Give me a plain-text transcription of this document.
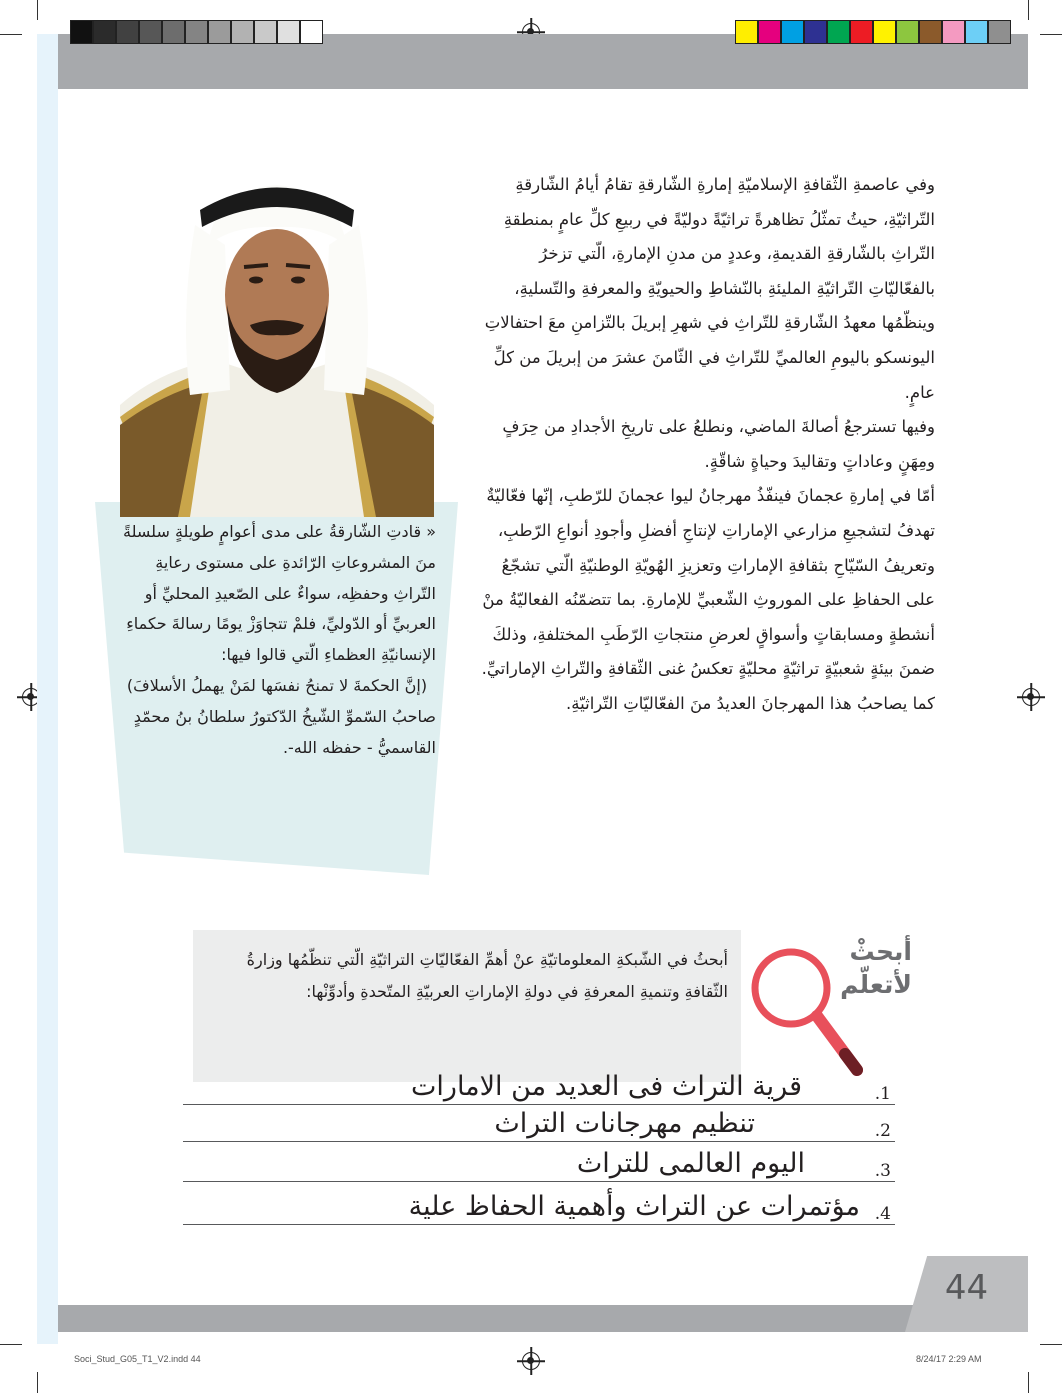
وفي عاصمةِ الثّقافةِ الإسلاميّةِ إمارةِ الشّارقةِ تقامُ أيامُ الشّارقةِ التّراثيّةِ، حيثُ تمثّلُ تظاهرةً تراثيّةً دوليّةً في ربيعِ كلِّ عامٍ بمنطقةِ التّراثِ بالشّارقةِ القديمةِ، وعددٍ من مدنِ الإمارةِ، الّتي تزخرُ بالفعّاليّاتِ التّراثيّةِ المليئةِ بالنّشاطِ والحيويّةِ والمعرفةِ والتّسليةِ، وينظّمُها معهدُ الشّارقةِ للتّراثِ في شهرِ إبريلَ بالتّزامنِ معَ احتفالاتِ اليونسكو باليومِ العالميِّ للتّراثِ في الثّامنَ عشرَ من إبريلَ من كلِّ عامٍ.

وفيها تسترجعُ أصالةَ الماضي، ونطلعُ على تاريخِ الأجدادِ من حِرَفٍ ومِهَنٍ وعاداتٍ وتقاليدَ وحياةٍ شاقّةٍ.

أمّا في إمارةِ عجمانَ فينفّذُ مهرجانُ ليوا عجمانَ للرّطبِ، إنّها فعّاليّةٌ تهدفُ لتشجيعِ مزارعي الإماراتِ لإنتاجِ أفضلِ وأجودِ أنواعِ الرّطبِ، وتعريفُ السّيّاحِ بثقافةِ الإماراتِ وتعزيزِ الهُويّةِ الوطنيّةِ الّتي تشجّعُ على الحفاظِ على الموروثِ الشّعبيِّ للإمارةِ. بما تتضمّنُه الفعاليّةُ منْ أنشطةٍ ومسابقاتٍ وأسواقٍ لعرضِ منتجاتِ الرّطَبِ المختلفةِ، وذلكَ ضمنَ بيئةٍ شعبيّةٍ تراثيّةٍ محليّةٍ تعكسُ غنى الثّقافةِ والتّراثِ الإماراتيِّ. كما يصاحبُ هذا المهرجانَ العديدُ منَ الفعّاليّاتِ التّراثيّةِ.

« قادتِ الشّارقةُ على مدى أعوامٍ طويلةٍ سلسلةً منَ المشروعاتِ الرّائدةِ على مستوى رعايةِ التّراثِ وحفظِه، سواءٌ على الصّعيدِ المحليِّ أو العربيِّ أو الدّوليِّ، فلمْ تتجاوَزْ يومًا رسالةَ حكماءِ الإنسانيّةِ العظماءِ الّتي قالوا فيها:

(إنَّ الحكمةَ لا تمنحُ نفسَها لمَنْ يهملُ الأسلافَ)

صاحبُ السّموِّ الشّيخُ الدّكتورُ سلطانُ بنُ محمّدٍ القاسميُّ - حفظه الله-.

أبحثُ في الشّبكةِ المعلوماتيّةِ عنْ أهمِّ الفعّاليّاتِ التراثيّةِ الّتي تنظّمُها وزارةُ الثّقافةِ وتنميةِ المعرفةِ في دولةِ الإماراتِ العربيّةِ المتّحدةِ وأدوِّنْها:
أبحثْ
لأتعلّم
.1
قرية التراث فى العديد من الامارات
.2
تنظيم مهرجانات التراث
.3
اليوم العالمى للتراث
.4
مؤتمرات عن التراث وأهمية الحفاظ علية
44
Soci_Stud_G05_T1_V2.indd 44	8/24/17 2:29 AM
